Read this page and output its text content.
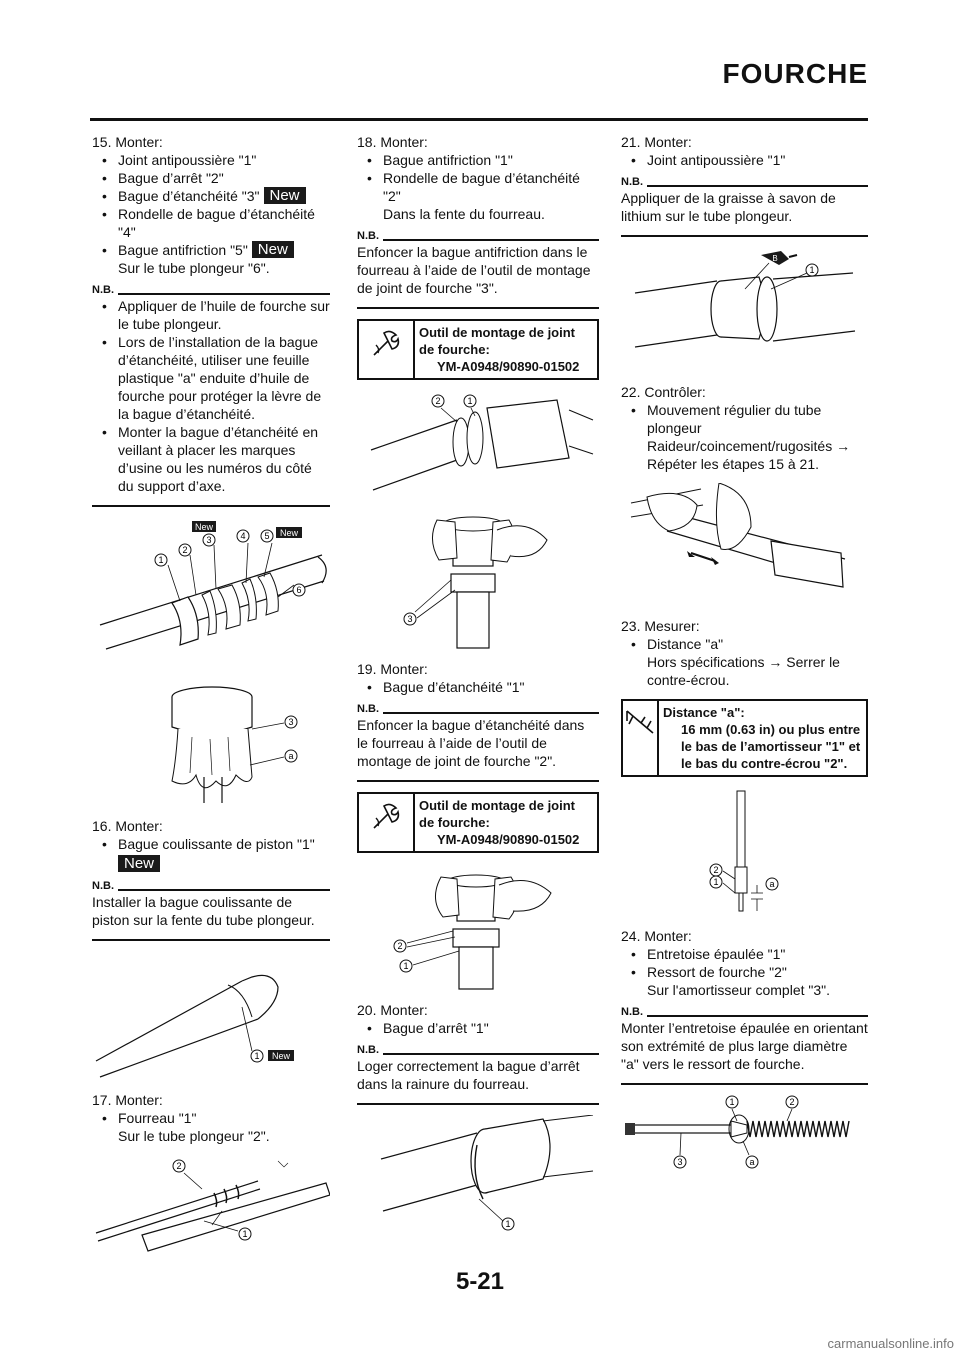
FOURCHE
15. Monter:
• Joint antipoussière "1"
• Bague d’arrêt "2"
• Bague d’étanchéité "3" New
• Rondelle de bague d’étanchéité "4"
• Bague antifriction "5" New
Sur le tube plongeur "6".
N.B.
• Appliquer de l’huile de fourche sur le tube plongeur.
• Lors de l’installation de la bague d’étanchéité, utiliser une feuille plastique "a" enduite d’huile de fourche pour protéger la lèvre de la bague d’étanchéité.
• Monter la bague d’étanchéité en veillant à placer les marques d’usine ou les numéros du côté du support d’axe.
New
New
1
2
3	4 5
6
3
a
16. Monter:
• Bague coulissante de piston "1"
New
N.B.
Installer la bague coulissante de piston sur la fente du tube plongeur.
1 New
17. Monter:
• Fourreau "1"
Sur le tube plongeur "2".
2
1
18. Monter:
• Bague antifriction "1"
• Rondelle de bague d’étanchéité "2"
Dans la fente du fourreau.
N.B.
Enfoncer la bague antifriction dans le fourreau à l’aide de l’outil de montage de joint de fourche "3".
Outil de montage de joint
de fourche:
YM-A0948/90890-01502
2	1
3
19. Monter:
• Bague d’étanchéité "1"
N.B.
Enfoncer la bague d’étanchéité dans le fourreau à l’aide de l’outil de montage de joint de fourche "2".
Outil de montage de joint
de fourche:
YM-A0948/90890-01502
2
1
20. Monter:
• Bague d’arrêt "1"
N.B.
Loger correctement la bague d’arrêt dans la rainure du fourreau.
1
21. Monter:
• Joint antipoussière "1"
N.B.
Appliquer de la graisse à savon de lithium sur le tube plongeur.
B
1
22. Contrôler:
• Mouvement régulier du tube plongeur
Raideur/coincement/rugosités →
Répéter les étapes 15 à 21.
23. Mesurer:
• Distance "a"
Hors spécifications → Serrer le contre-écrou.
Distance "a":
16 mm (0.63 in) ou plus entre le bas de l’amortisseur "1" et le bas du contre-écrou "2".
2
1	a
24. Monter:
• Entretoise épaulée "1"
• Ressort de fourche "2"
Sur l'amortisseur complet "3".
N.B.
Monter l’entretoise épaulée en orientant son extrémité de plus large diamètre "a" vers le ressort de fourche.
1	2
3	a
5-21
carmanualsonline.info
